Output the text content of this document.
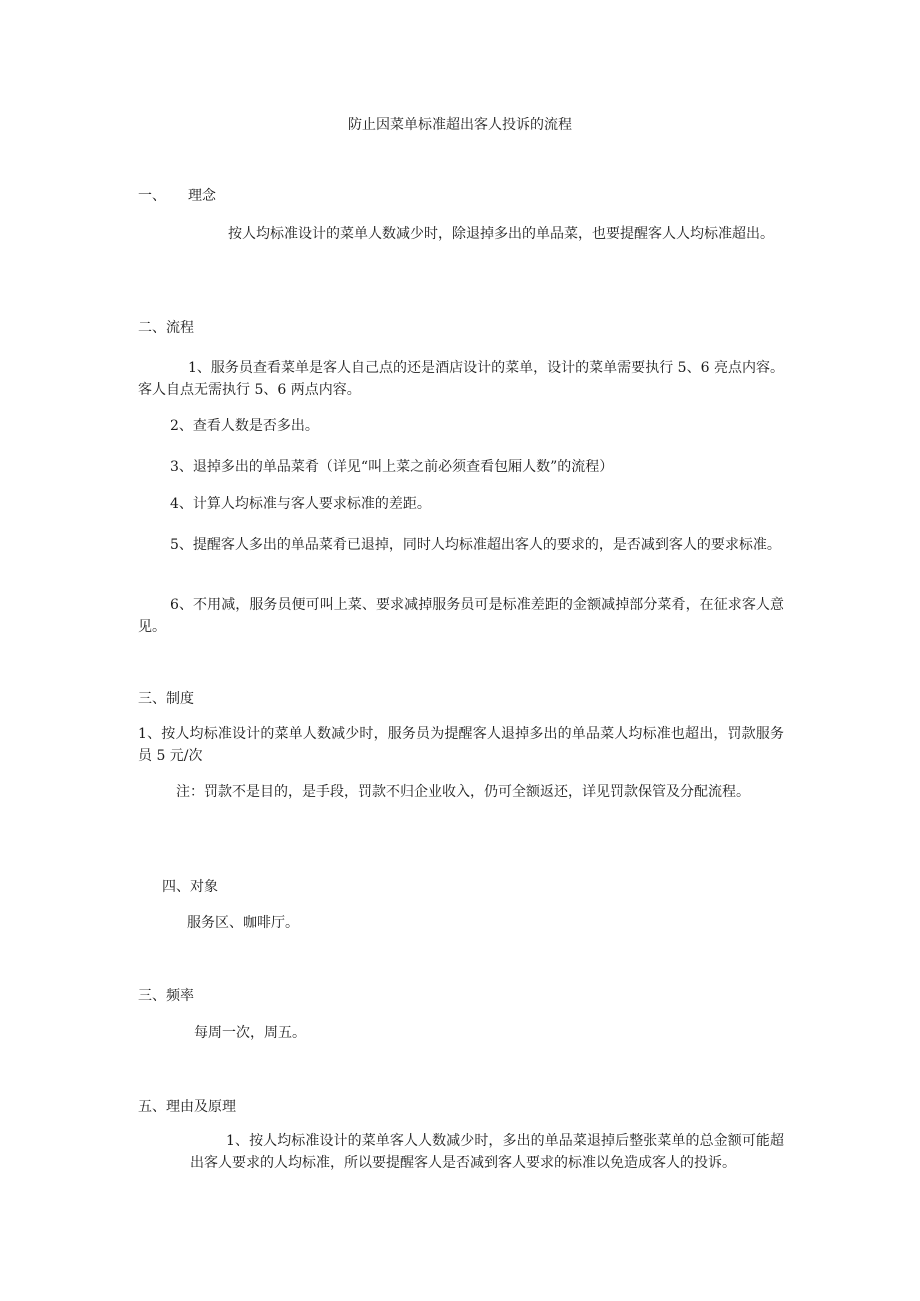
防止因菜单标准超出客人投诉的流程

一、 理念

按人均标准设计的菜单人数减少时，除退掉多出的单品菜，也要提醒客人人均标准超出。

二、流程

1、服务员查看菜单是客人自己点的还是酒店设计的菜单，设计的菜单需要执行 5、6 亮点内容。客人自点无需执行 5、6 两点内容。

2、查看人数是否多出。

3、退掉多出的单品菜肴（详见“叫上菜之前必须查看包厢人数”的流程）

4、计算人均标准与客人要求标准的差距。

5、提醒客人多出的单品菜肴已退掉，同时人均标准超出客人的要求的，是否减到客人的要求标准。

6、不用减，服务员便可叫上菜、要求减掉服务员可是标准差距的金额减掉部分菜肴，在征求客人意见。

三、制度

1、按人均标准设计的菜单人数减少时，服务员为提醒客人退掉多出的单品菜人均标准也超出，罚款服务员 5 元/次

注：罚款不是目的，是手段，罚款不归企业收入，仍可全额返还，详见罚款保管及分配流程。

四、对象

服务区、咖啡厅。

三、频率

每周一次，周五。

五、理由及原理

1、按人均标准设计的菜单客人人数减少时，多出的单品菜退掉后整张菜单的总金额可能超出客人要求的人均标准，所以要提醒客人是否减到客人要求的标准以免造成客人的投诉。
